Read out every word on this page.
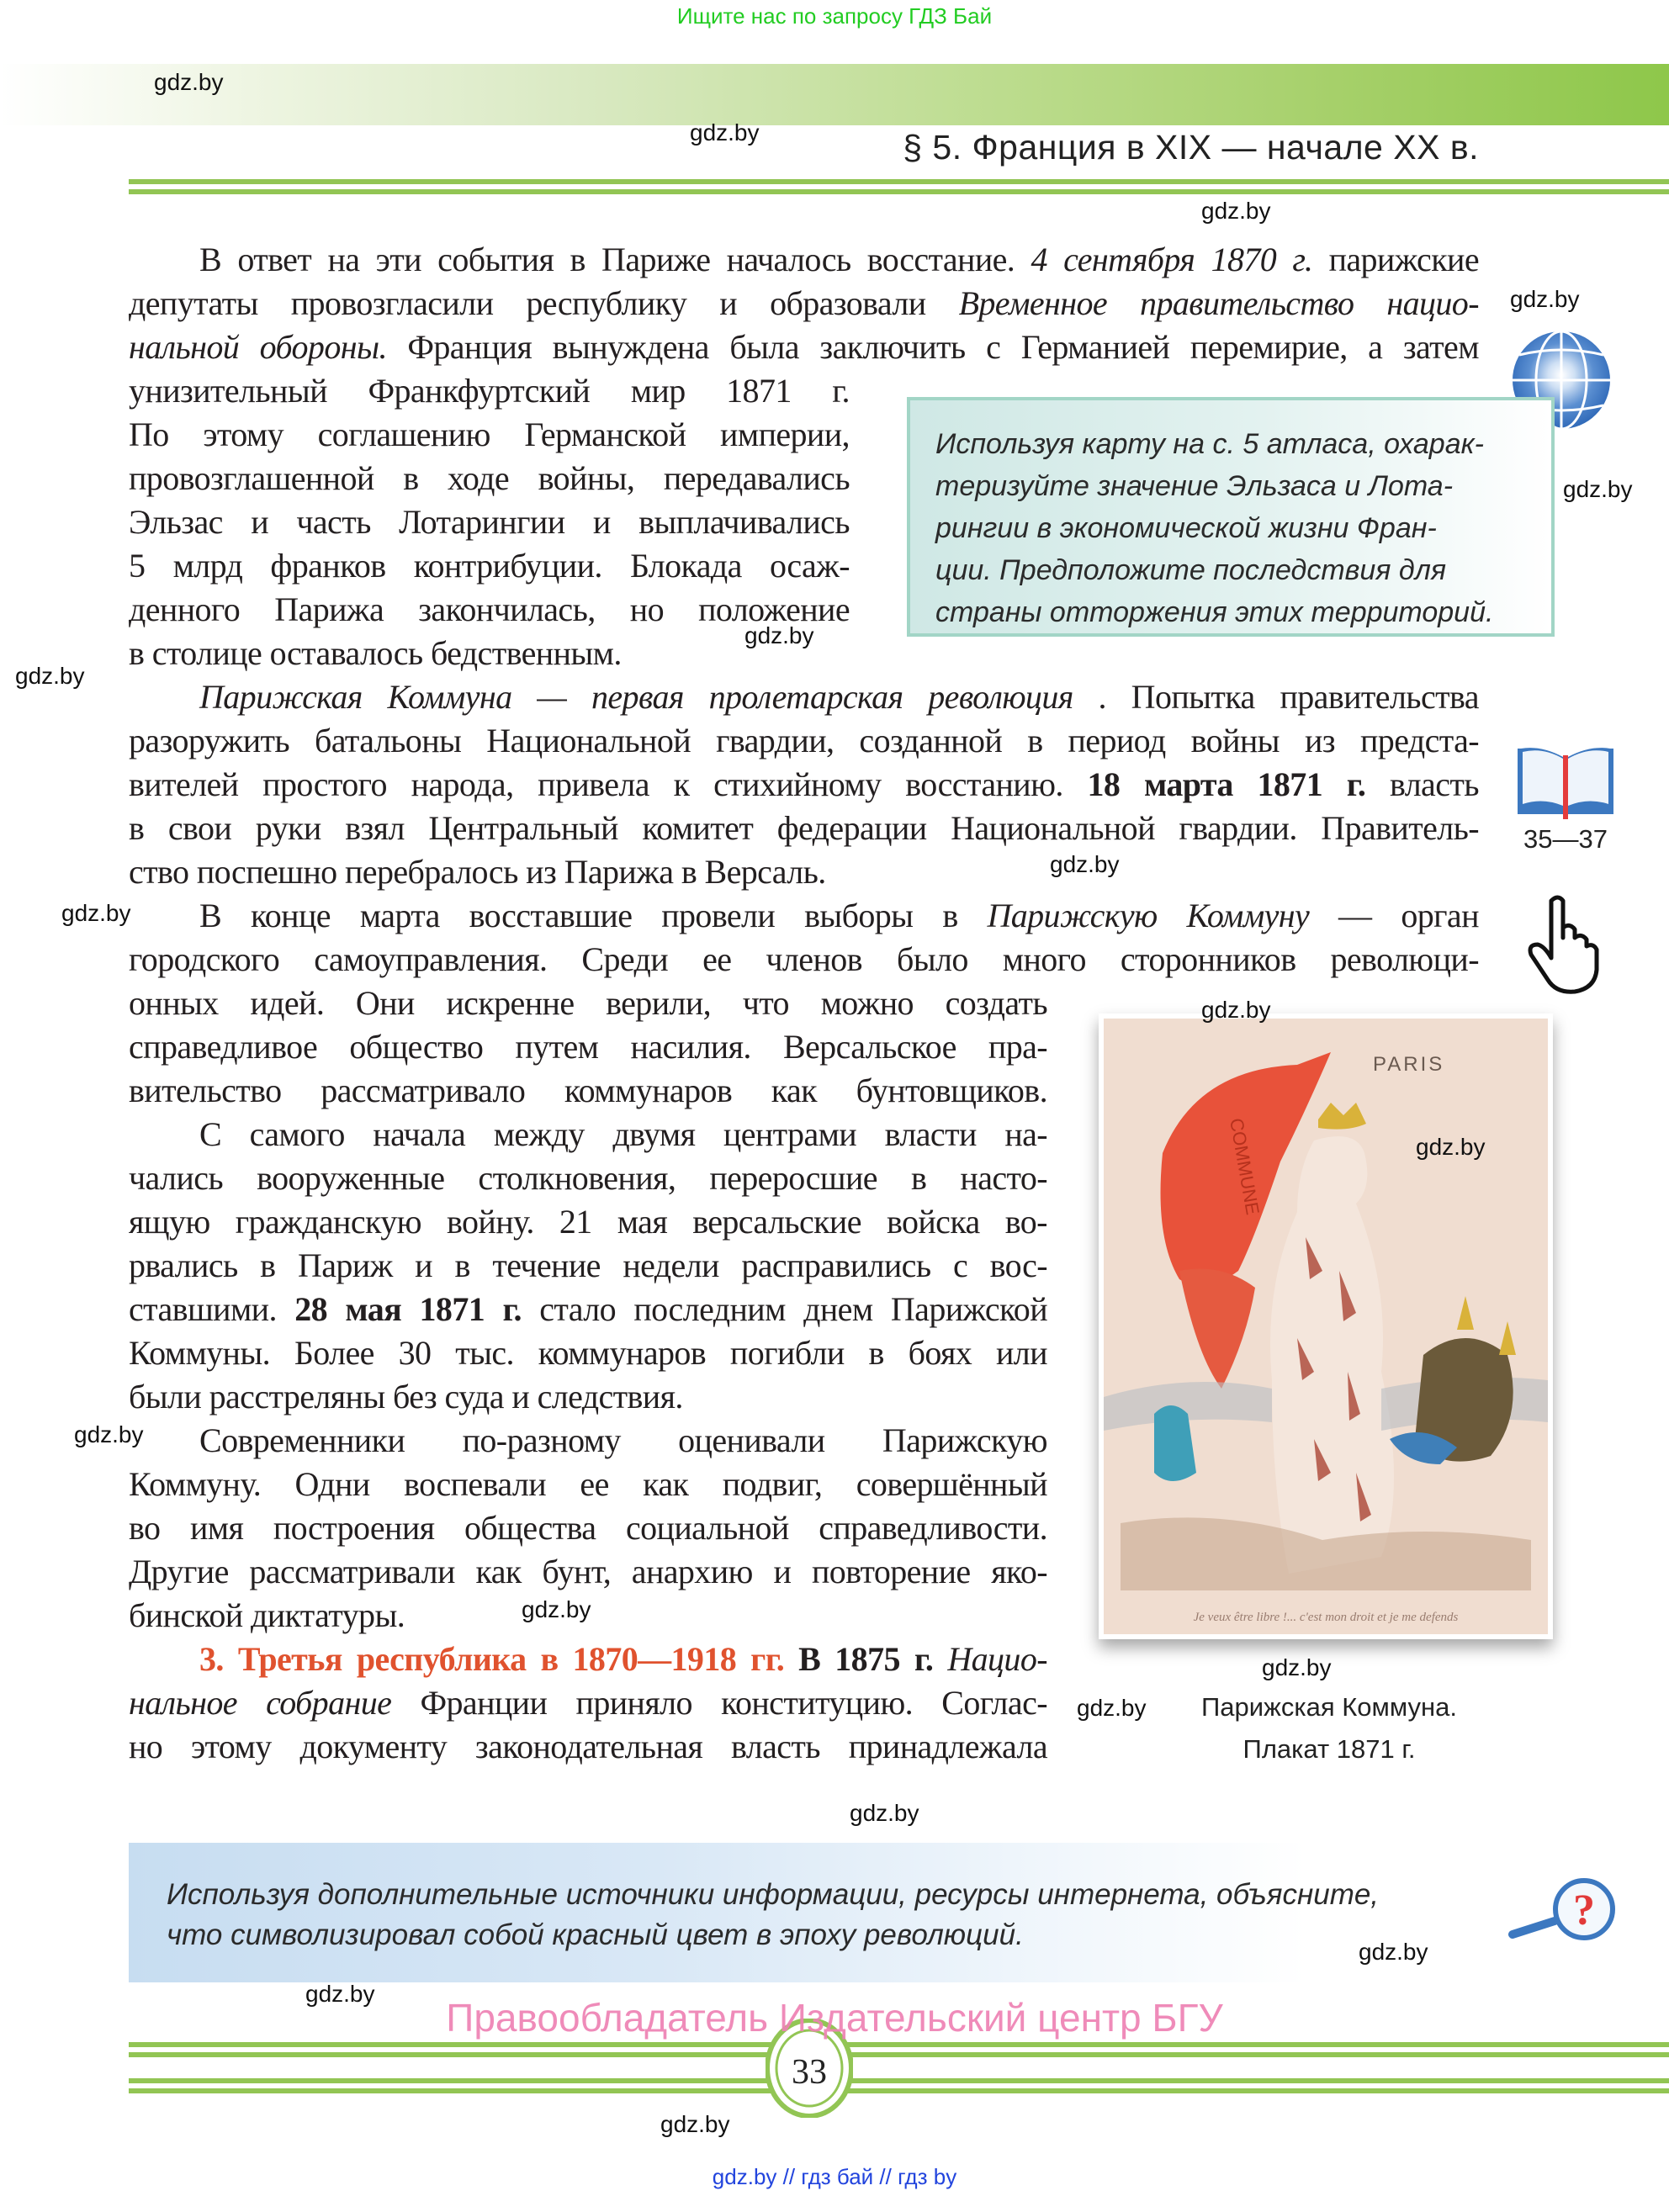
Ищите нас по запросу ГДЗ Бай
§ 5. Франция в XIX — начале XX в.
В ответ на эти события в Париже началось восстание. 4 сентября 1870 г. парижские
депутаты провозгласили республику и образовали Временное правительство нацио-
нальной обороны. Франция вынуждена была заключить с Германией перемирие, а затем
унизительный Франкфуртский мир 1871 г.
По этому соглашению Германской империи,
провозглашенной в ходе войны, передавались
Эльзас и часть Лотарингии и выплачивались
5 млрд франков контрибуции. Блокада осаж-
денного Парижа закончилась, но положение
в столице оставалось бедственным.
Парижская Коммуна — первая пролетарская революция . Попытка правительства
разоружить батальоны Национальной гвардии, созданной в период войны из предста-
вителей простого народа, привела к стихийному восстанию. 18 марта 1871 г. власть
в свои руки взял Центральный комитет федерации Национальной гвардии. Правитель-
ство поспешно перебралось из Парижа в Версаль.
В конце марта восставшие провели выборы в Парижскую Коммуну — орган
городского самоуправления. Среди ее членов было много сторонников революци-
онных идей. Они искренне верили, что можно создать
справедливое общество путем насилия. Версальское пра-
вительство рассматривало коммунаров как бунтовщиков.
С самого начала между двумя центрами власти на-
чались вооруженные столкновения, переросшие в насто-
ящую гражданскую войну. 21 мая версальские войска во-
рвались в Париж и в течение недели расправились с вос-
ставшими. 28 мая 1871 г. стало последним днем Парижской
Коммуны. Более 30 тыс. коммунаров погибли в боях или
были расстреляны без суда и следствия.
Современники по-разному оценивали Парижскую
Коммуну. Одни воспевали ее как подвиг, совершённый
во имя построения общества социальной справедливости.
Другие рассматривали как бунт, анархию и повторение яко-
бинской диктатуры.
3. Третья республика в 1870—1918 гг. В 1875 г. Нацио-
нальное собрание Франции приняло конституцию. Соглас-
но этому документу законодательная власть принадлежала
Используя карту на с. 5 атласа, охарак-
теризуйте значение Эльзаса и Лота-
рингии в экономической жизни Фран-
ции. Предположите последствия для
страны отторжения этих территорий.
35—37
PARIS
COMMUNE
Je veux être libre !... c'est mon droit et je me defends
Парижская Коммуна.
Плакат 1871 г.
Используя дополнительные источники информации, ресурсы интернета, объясните,
что символизировал собой красный цвет в эпоху революций.
?
33
Правообладатель Издательский центр БГУ
gdz.by // гдз бай // гдз by
gdz.by
gdz.by
gdz.by
gdz.by
gdz.by
gdz.by
gdz.by
gdz.by
gdz.by
gdz.by
gdz.by
gdz.by
gdz.by
gdz.by
gdz.by
gdz.by
gdz.by
gdz.by
gdz.by
